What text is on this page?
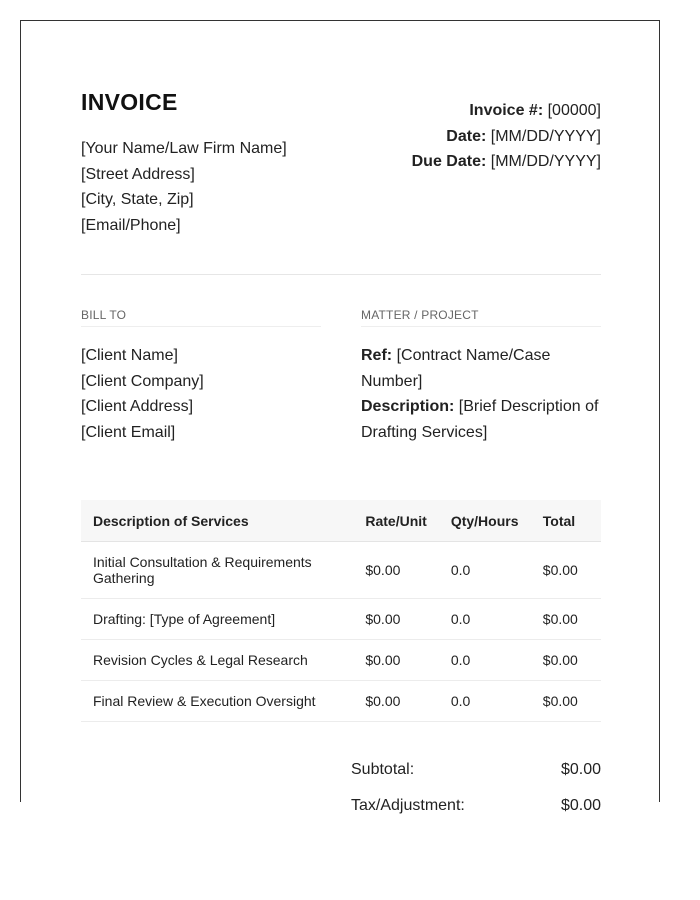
INVOICE
[Your Name/Law Firm Name]
[Street Address]
[City, State, Zip]
[Email/Phone]
Invoice #: [00000]
Date: [MM/DD/YYYY]
Due Date: [MM/DD/YYYY]
BILL TO	MATTER / PROJECT
[Client Name]
[Client Company]
[Client Address]
[Client Email]
Ref: [Contract Name/Case Number]
Description: [Brief Description of Drafting Services]
Description of Services	Rate/Unit	Qty/Hours	Total
Initial Consultation & Requirements Gathering	$0.00	0.0	$0.00
Drafting: [Type of Agreement]	$0.00	0.0	$0.00
Revision Cycles & Legal Research	$0.00	0.0	$0.00
Final Review & Execution Oversight	$0.00	0.0	$0.00
Subtotal:	$0.00
Tax/Adjustment:	$0.00
